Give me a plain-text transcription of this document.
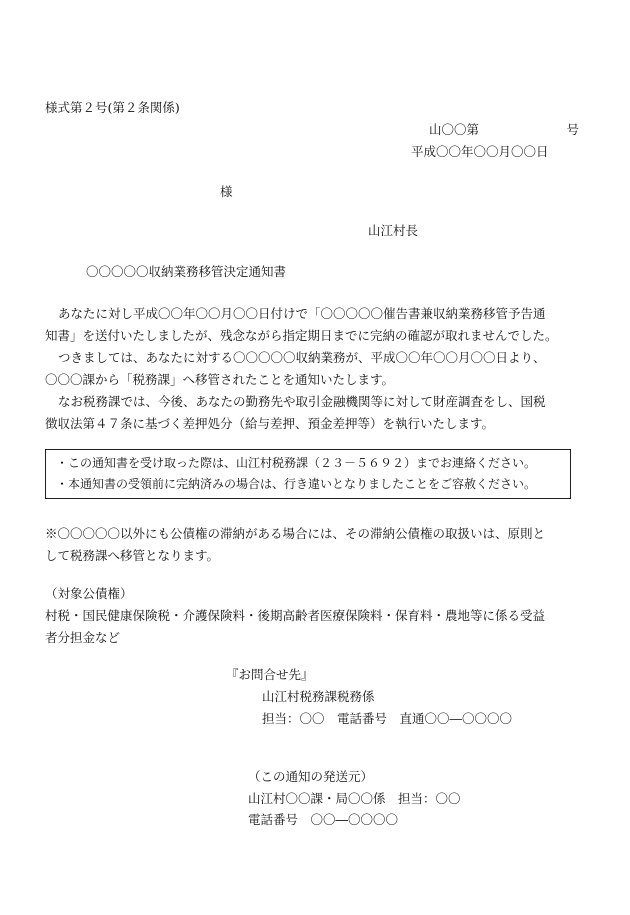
様式第２号(第２条関係)
山〇〇第　　　　　　　号
平成〇〇年〇〇月〇〇日
様
山江村長
〇〇〇〇〇収納業務移管決定通知書
あなたに対し平成〇〇年〇〇月〇〇日付けで「〇〇〇〇〇催告書兼収納業務移管予告通
知書」を送付いたしましたが、残念ながら指定期日までに完納の確認が取れませんでした。
つきましては、あなたに対する〇〇〇〇〇収納業務が、平成〇〇年〇〇月〇〇日より、
〇〇〇課から「税務課」へ移管されたことを通知いたします。
なお税務課では、今後、あなたの勤務先や取引金融機関等に対して財産調査をし、国税
徴収法第４７条に基づく差押処分（給与差押、預金差押等）を執行いたします。
・この通知書を受け取った際は、山江村税務課（２３－５６９２）までお連絡ください。
・本通知書の受領前に完納済みの場合は、行き違いとなりましたことをご容赦ください。
※〇〇〇〇〇以外にも公債権の滞納がある場合には、その滞納公債権の取扱いは、原則と
して税務課へ移管となります。
（対象公債権）
村税・国民健康保険税・介護保険料・後期高齢者医療保険料・保育料・農地等に係る受益
者分担金など
『お問合せ先』
山江村税務課税務係
担当：〇〇　電話番号　直通〇〇―〇〇〇〇
（この通知の発送元）
山江村〇〇課・局〇〇係　担当：〇〇
電話番号　〇〇―〇〇〇〇
